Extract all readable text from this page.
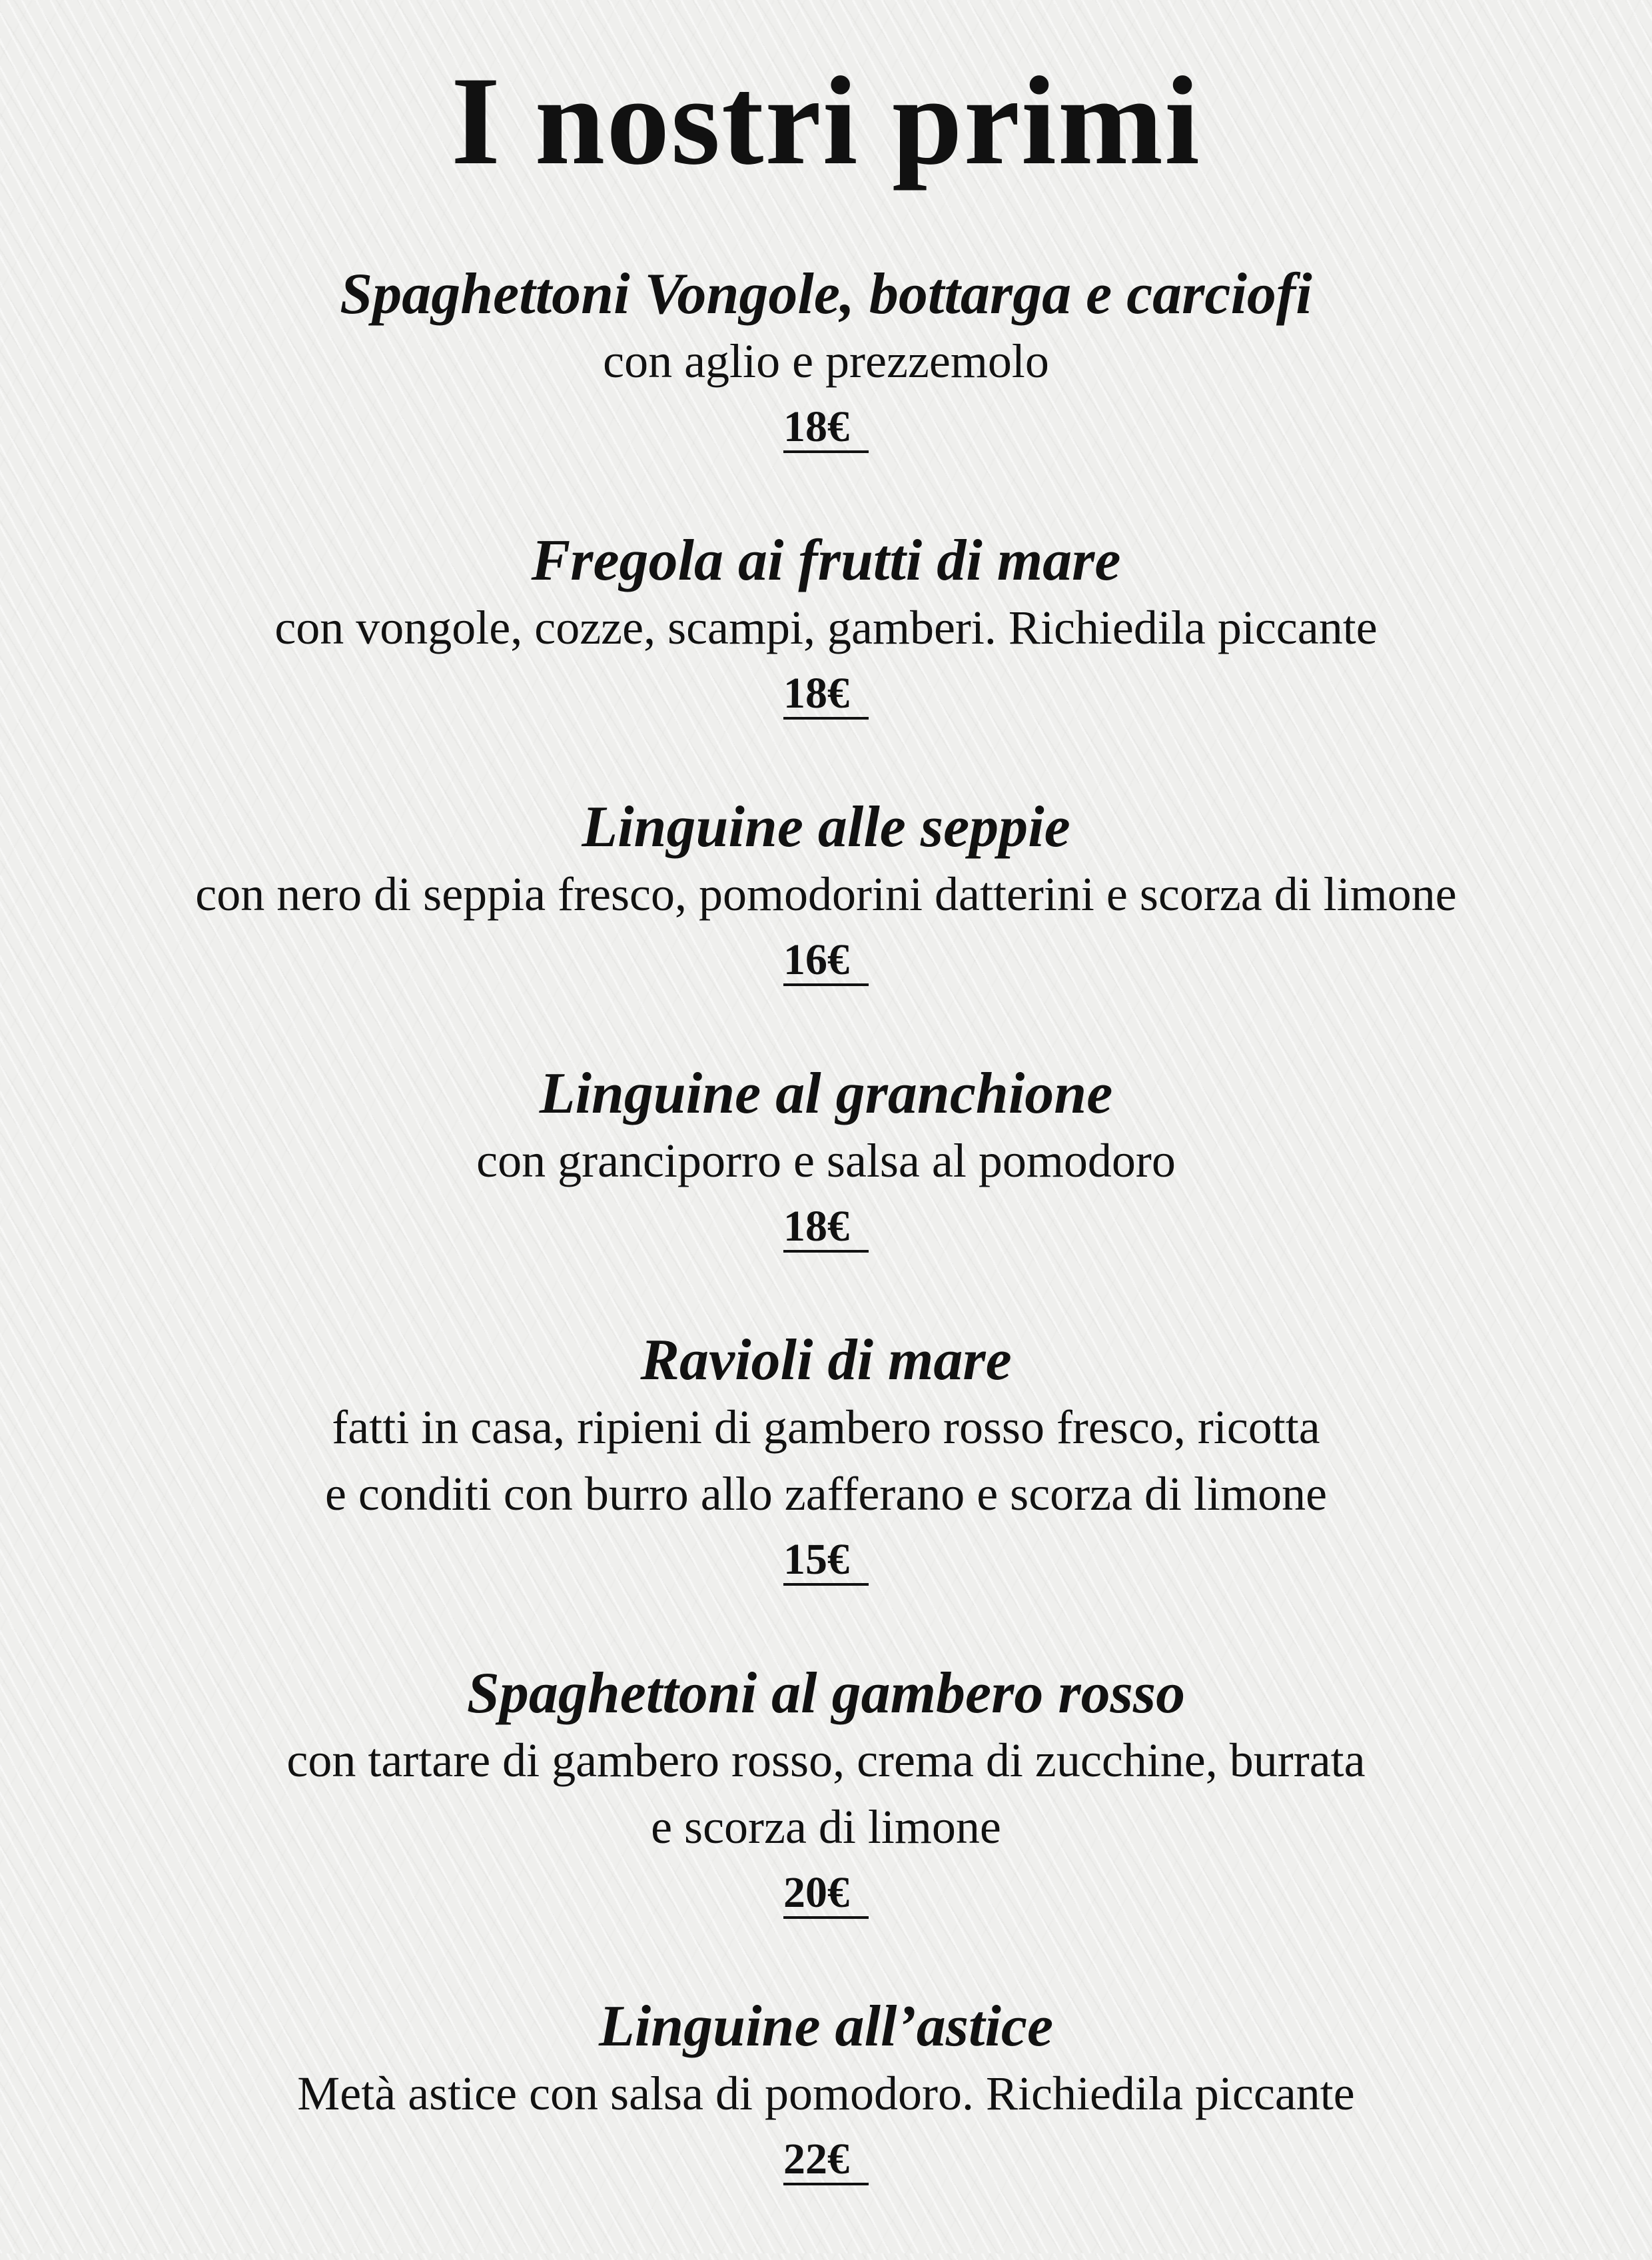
I nostri primi
Spaghettoni Vongole, bottarga e carciofi
con aglio e prezzemolo
18€
Fregola ai frutti di mare
con vongole, cozze, scampi, gamberi. Richiedila piccante
18€
Linguine alle seppie
con nero di seppia fresco, pomodorini datterini e scorza di limone
16€
Linguine al granchione
con granciporro e salsa al pomodoro
18€
Ravioli di mare
fatti in casa, ripieni di gambero rosso fresco, ricotta
e conditi con burro allo zafferano e scorza di limone
15€
Spaghettoni al gambero rosso
con tartare di gambero rosso, crema di zucchine, burrata
e scorza di limone
20€
Linguine all’astice
Metà astice con salsa di pomodoro. Richiedila piccante
22€
